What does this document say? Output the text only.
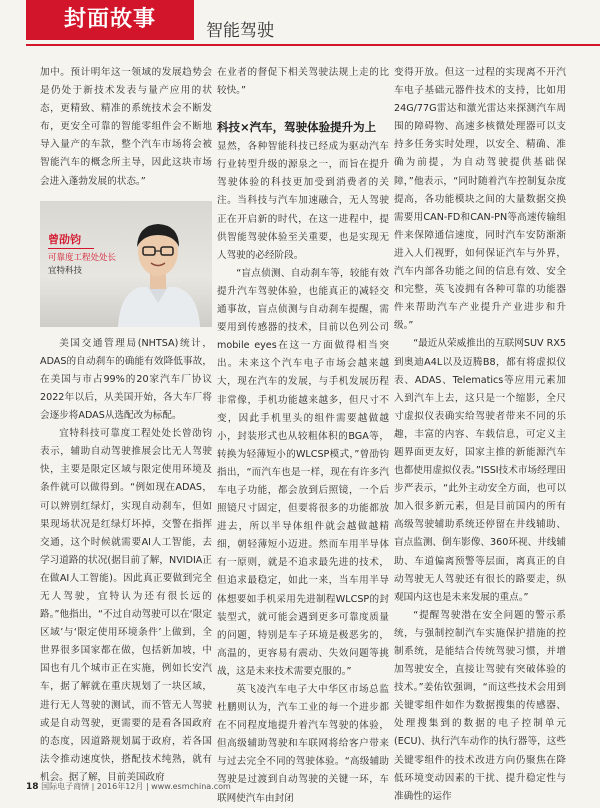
封面故事	智能驾驶

加中。预计明年这一领域的发展趋势会是仍处于新技术发表与量产应用的状态，更精致、精准的系统技术会不断发布，更安全可靠的智能零组件会不断地导入量产的车款，整个汽车市场将会被智能汽车的概念所主导，因此这块市场会进入蓬勃发展的状态。”

曾劭钧
可靠度工程处处长
宜特科技

美国交通管理局(NHTSA)统计，ADAS的自动刹车的确能有效降低事故，在美国与市占99%的20家汽车厂协议2022年以后，从美国开始，各大车厂将会逐步将ADAS从选配改为标配。

宜特科技可靠度工程处处长曾劭钧表示，辅助自动驾驶推展会比无人驾驶快，主要是限定区域与限定使用环境及条件就可以做得到。“例如现在ADAS，可以辨别红绿灯，实现自动刹车，但如果现场状况是红绿灯坏掉，交警在指挥交通，这个时候就需要AI人工智能，去学习道路的状况(据目前了解，NVIDIA正在做AI人工智能)。因此真正要做到完全无人驾驶，宜特认为还有很长远的路。”他指出，“不过自动驾驶可以在‘限定区域’与‘限定使用环境条件’上做到，全世界很多国家都在做，包括新加坡，中国也有几个城市正在实施，例如长安汽车，据了解就在重庆规划了一块区域，进行无人驾驶的测试，而不管无人驾驶或是自动驾驶，更需要的是看各国政府的态度，因道路规划属于政府，若各国法令推动速度快，搭配技术纯熟，就有机会。据了解，目前美国政府

在业者的督促下相关驾驶法规上走的比较快。”

科技×汽车，驾驶体验提升为上

显然，各种智能科技已经成为驱动汽车行业转型升级的源泉之一，而旨在提升驾驶体验的科技更加受到消费者的关注。当科技与汽车加速融合，无人驾驶正在开启新的时代，在这一进程中，提供智能驾驶体验至关重要，也是实现无人驾驶的必经阶段。

“盲点侦测、自动刹车等，较能有效提升汽车驾驶体验，也能真正的减轻交通事故，盲点侦测与自动刹车提醒，需要用到传感器的技术，目前以色列公司mobile eyes在这一方面做得相当突出。未来这个汽车电子市场会越来越大，现在汽车的发展，与手机发展历程非常像，手机功能越来越多，但尺寸不变，因此手机里头的组件需要越做越小，封装形式也从较粗体积的BGA等，转换为轻薄短小的WLCSP模式，”曾劭钧指出，“而汽车也是一样，现在有许多汽车电子功能，都会放到后照镜，一个后照镜尺寸固定，但要将很多的功能都放进去，所以半导体组件就会越做越精细，朝轻薄短小迈进。然而车用半导体有一原则，就是不追求最先进的技术，但追求最稳定，如此一来，当车用半导体想要如手机采用先进制程WLCSP的封装型式，就可能会遇到更多可靠度质量的问题，特别是车子环境是极恶劣的，高温的，更容易有震动、失效问题等挑战，这是未来技术需要克服的。”

英飞凌汽车电子大中华区市场总监杜鹏则认为，汽车工业的每一个进步都在不同程度地提升着汽车驾驶的体验，但高级辅助驾驶和车联网将给客户带来与过去完全不同的驾驶体验。“高级辅助驾驶是过渡到自动驾驶的关键一环，车联网使汽车由封闭

变得开放。但这一过程的实现离不开汽车电子基础元器件技术的支持，比如用24G/77G雷达和激光雷达来探测汽车周围的障碍物、高速多核微处理器可以支持多任务实时处理，以安全、精确、准确为前提，为自动驾驶提供基础保障，”他表示，“同时随着汽车控制复杂度提高，各功能模块之间的大量数据交换需要用CAN-FD和CAN-PN等高速传输组件来保障通信速度，同时汽车安防渐渐进入人们视野，如何保证汽车与外界，汽车内部各功能之间的信息有效、安全和完整，英飞凌拥有各种可靠的功能器件来帮助汽车产业提升产业进步和升级。”

“最近从荣威推出的互联网SUV RX5到奥迪A4L以及迈腾B8，都有将虚拟仪表、ADAS、Telematics等应用元素加入到汽车上去，这只是一个缩影，全尺寸虚拟仪表确实给驾驶者带来不同的乐趣，丰富的内容、车载信息，可定义主题界面更友好，国家主推的新能源汽车也都使用虚拟仪表。”ISSI技术市场经理田步严表示，“此外主动安全方面，也可以加入很多新元素，但是目前国内的所有高级驾驶辅助系统还停留在井线辅助、盲点监测、倒车影像、360环视、井线辅助、车道偏离预警等层面，离真正的自动驾驶无人驾驶还有很长的路要走，纵观国内这也是未来发展的重点。”

“提醒驾驶潜在安全问题的警示系统，与强制控制汽车实施保护措施的控制系统，是能结合传统驾驶习惯，并增加驾驶安全，直接让驾驶有突破体验的技术。”姜佑钦强调，“而这些技术会用到关键零组件如作为数据搜集的传感器、处理搜集到的数据的电子控制单元(ECU)、执行汽车动作的执行器等，这些关键零组件的技术改进方向仍聚焦在降低环境变动因素的干扰、提升稳定性与准确性的运作

18 国际电子商情 | 2016年12月 | www.esmchina.com
